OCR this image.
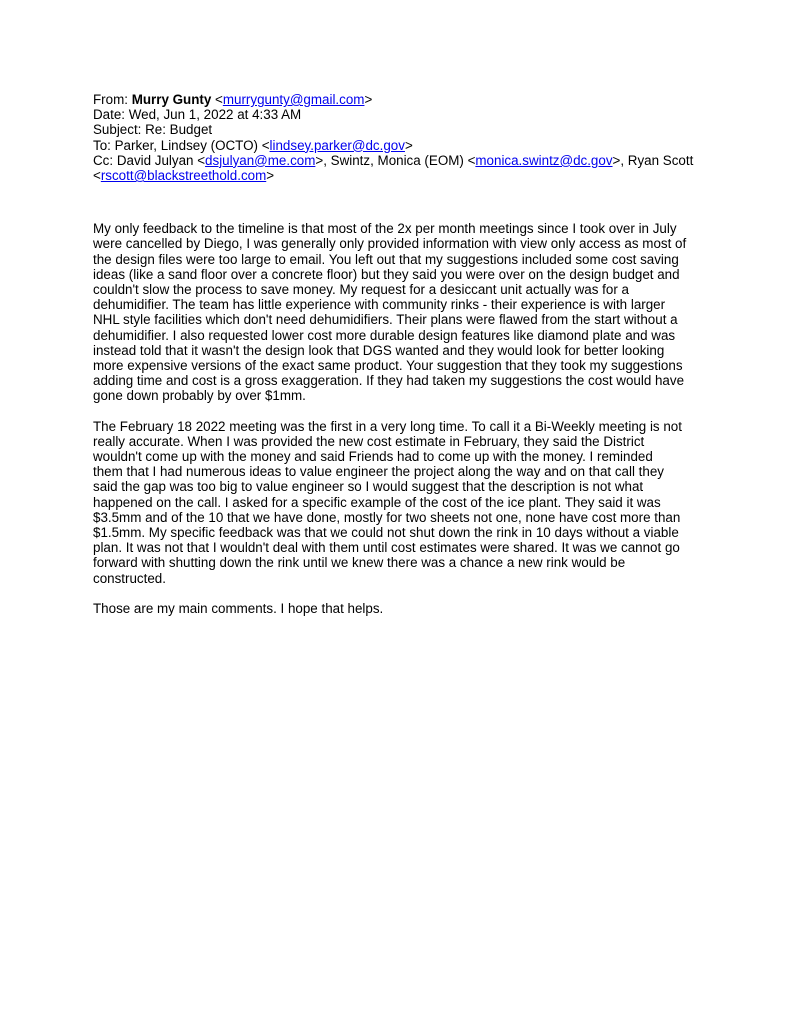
From: Murry Gunty <murrygunty@gmail.com>

Date: Wed, Jun 1, 2022 at 4:33 AM

Subject: Re: Budget

To: Parker, Lindsey (OCTO) <lindsey.parker@dc.gov>

Cc: David Julyan <dsjulyan@me.com>, Swintz, Monica (EOM) <monica.swintz@dc.gov>, Ryan Scott <rscott@blackstreethold.com>

My only feedback to the timeline is that most of the 2x per month meetings since I took over in July
were cancelled by Diego, I was generally only provided information with view only access as most of
the design files were too large to email. You left out that my suggestions included some cost saving
ideas (like a sand floor over a concrete floor) but they said you were over on the design budget and
couldn't slow the process to save money. My request for a desiccant unit actually was for a
dehumidifier. The team has little experience with community rinks - their experience is with larger
NHL style facilities which don't need dehumidifiers. Their plans were flawed from the start without a
dehumidifier. I also requested lower cost more durable design features like diamond plate and was
instead told that it wasn't the design look that DGS wanted and they would look for better looking
more expensive versions of the exact same product. Your suggestion that they took my suggestions
adding time and cost is a gross exaggeration. If they had taken my suggestions the cost would have
gone down probably by over $1mm.

The February 18 2022 meeting was the first in a very long time. To call it a Bi-Weekly meeting is not
really accurate. When I was provided the new cost estimate in February, they said the District
wouldn't come up with the money and said Friends had to come up with the money. I reminded
them that I had numerous ideas to value engineer the project along the way and on that call they
said the gap was too big to value engineer so I would suggest that the description is not what
happened on the call. I asked for a specific example of the cost of the ice plant. They said it was
$3.5mm and of the 10 that we have done, mostly for two sheets not one, none have cost more than
$1.5mm. My specific feedback was that we could not shut down the rink in 10 days without a viable
plan. It was not that I wouldn't deal with them until cost estimates were shared. It was we cannot go
forward with shutting down the rink until we knew there was a chance a new rink would be
constructed.

Those are my main comments. I hope that helps.
